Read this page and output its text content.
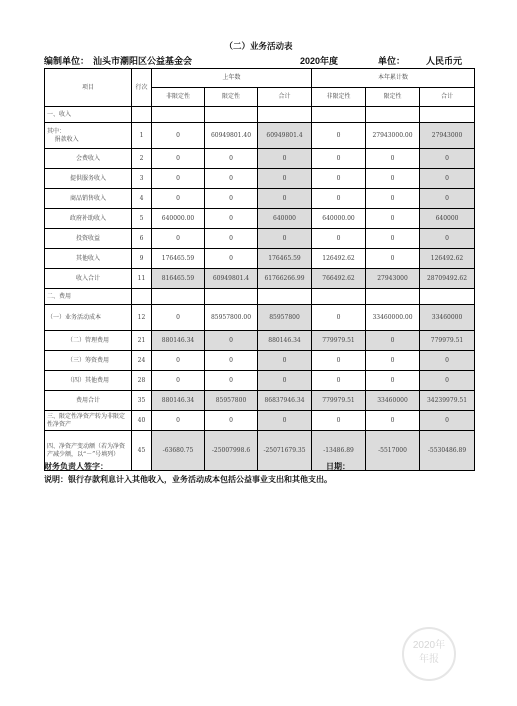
（二）业务活动表
编制单位： 汕头市潮阳区公益基金会	2020年度	单位： 人民币元
项目	行次	上年数			本年累计数		
		非限定性	限定性	合计	非限定性	限定性	合计
一、收入							
其中：
捐款收入	1	0	60949801.40	60949801.4	0	27943000.00	27943000
会费收入	2	0	0	0	0	0	0
提供服务收入	3	0	0	0	0	0	0
商品销售收入	4	0	0	0	0	0	0
政府补助收入	5	640000.00	0	640000	640000.00	0	640000
投资收益	6	0	0	0	0	0	0
其他收入	9	176465.59	0	176465.59	126492.62	0	126492.62
收入合计	11	816465.59	60949801.4	61766266.99	766492.62	27943000	28709492.62
二、费用							
（一）业务活动成本	12	0	85957800.00	85957800	0	33460000.00	33460000
（二）管理费用	21	880146.34	0	880146.34	779979.51	0	779979.51
（三）筹资费用	24	0	0	0	0	0	0
（四）其他费用	28	0	0	0	0	0	0
费用合计	35	880146.34	85957800	86837946.34	779979.51	33460000	34239979.51
三、限定性净资产转为非限定性净资产	40	0	0	0	0	0	0
四、净资产变动额（若为净资产减少额，以“－”号填列）	45	-63680.75	-25007998.6	-25071679.35	-13486.89	-5517000	-5530486.89
财务负责人签字：	日期：
说明：银行存款利息计入其他收入，业务活动成本包括公益事业支出和其他支出。
2020年
年报
